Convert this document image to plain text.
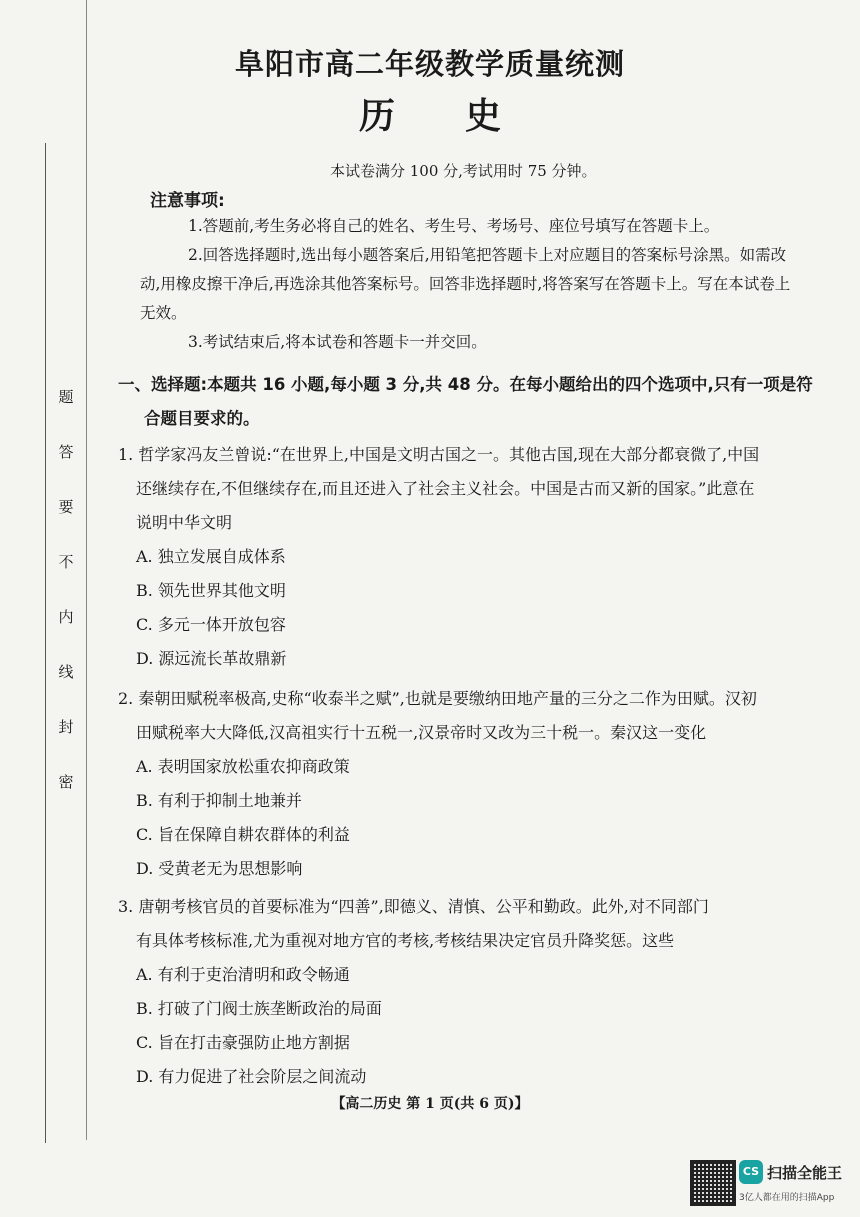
题
答
要
不
内
线
封
密
阜阳市高二年级教学质量统测
历史
本试卷满分 100 分,考试用时 75 分钟。
注意事项:

1.答题前,考生务必将自己的姓名、考生号、考场号、座位号填写在答题卡上。

2.回答选择题时,选出每小题答案后,用铅笔把答题卡上对应题目的答案标号涂黑。如需改动,用橡皮擦干净后,再选涂其他答案标号。回答非选择题时,将答案写在答题卡上。写在本试卷上无效。

3.考试结束后,将本试卷和答题卡一并交回。

一、选择题:本题共 16 小题,每小题 3 分,共 48 分。在每小题给出的四个选项中,只有一项是符
合题目要求的。
1. 哲学家冯友兰曾说:“在世界上,中国是文明古国之一。其他古国,现在大部分都衰微了,中国
还继续存在,不但继续存在,而且还进入了社会主义社会。中国是古而又新的国家。”此意在
说明中华文明
A. 独立发展自成体系
B. 领先世界其他文明
C. 多元一体开放包容
D. 源远流长革故鼎新
2. 秦朝田赋税率极高,史称“收泰半之赋”,也就是要缴纳田地产量的三分之二作为田赋。汉初
田赋税率大大降低,汉高祖实行十五税一,汉景帝时又改为三十税一。秦汉这一变化
A. 表明国家放松重农抑商政策
B. 有利于抑制土地兼并
C. 旨在保障自耕农群体的利益
D. 受黄老无为思想影响
3. 唐朝考核官员的首要标准为“四善”,即德义、清慎、公平和勤政。此外,对不同部门
有具体考核标准,尤为重视对地方官的考核,考核结果决定官员升降奖惩。这些
A. 有利于吏治清明和政令畅通
B. 打破了门阀士族垄断政治的局面
C. 旨在打击豪强防止地方割据
D. 有力促进了社会阶层之间流动
【高二历史 第 1 页(共 6 页)】
CS 扫描全能王
3亿人都在用的扫描App
